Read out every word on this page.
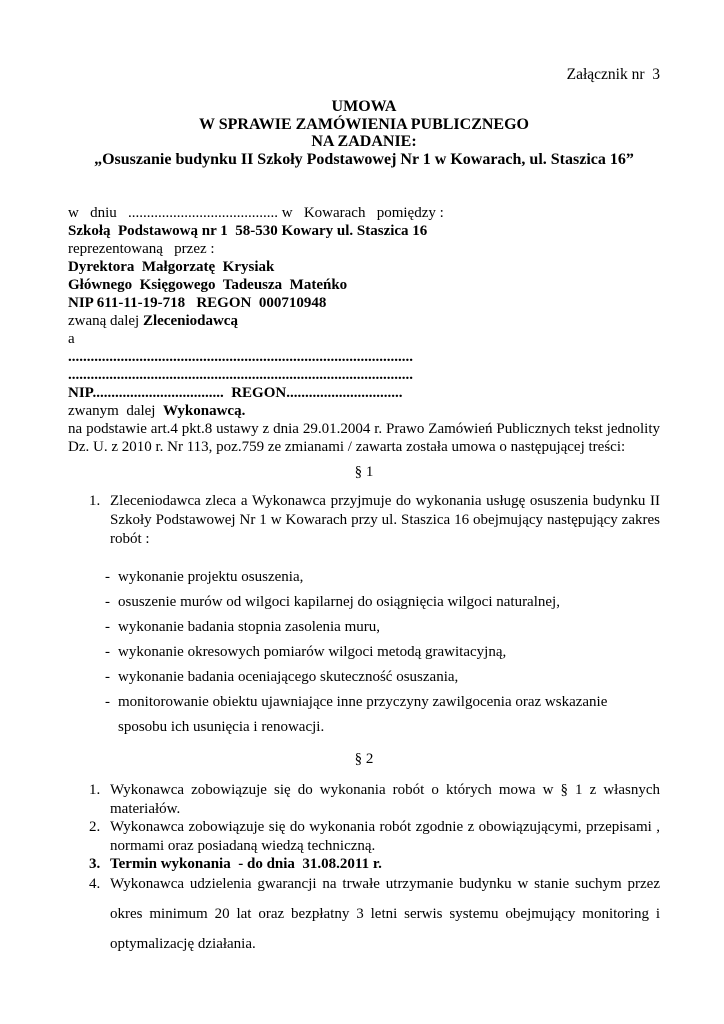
Załącznik nr  3
UMOWA
W SPRAWIE ZAMÓWIENIA PUBLICZNEGO
NA ZADANIE:
„Osuszanie budynku II Szkoły Podstawowej Nr 1 w Kowarach, ul. Staszica 16”
w   dniu   ........................................ w   Kowarach   pomiędzy :
Szkołą  Podstawową nr 1  58-530 Kowary ul. Staszica 16
reprezentowaną   przez :
Dyrektora  Małgorzatę  Krysiak
Głównego  Księgowego  Tadeusza  Mateńko
NIP 611-11-19-718   REGON  000710948
zwaną dalej Zleceniodawcą
a
............................................................................................
............................................................................................
NIP...................................  REGON...............................
zwanym  dalej  Wykonawcą.
na podstawie art.4 pkt.8 ustawy z dnia 29.01.2004 r. Prawo Zamówień Publicznych tekst jednolity Dz. U. z 2010 r. Nr 113, poz.759 ze zmianami / zawarta została umowa o następującej treści:
§ 1
1. Zleceniodawca zleca a Wykonawca przyjmuje do wykonania usługę osuszenia budynku II Szkoły Podstawowej Nr 1 w Kowarach przy ul. Staszica 16 obejmujący następujący zakres robót :
- wykonanie projektu osuszenia,
- osuszenie murów od wilgoci kapilarnej do osiągnięcia wilgoci naturalnej,
- wykonanie badania stopnia zasolenia muru,
- wykonanie okresowych pomiarów wilgoci metodą grawitacyjną,
- wykonanie badania oceniającego skuteczność osuszania,
- monitorowanie obiektu ujawniające inne przyczyny zawilgocenia oraz wskazanie sposobu ich usunięcia i renowacji.
§ 2
1. Wykonawca zobowiązuje się do wykonania robót o których mowa w § 1 z własnych materiałów.
2. Wykonawca zobowiązuje się do wykonania robót zgodnie z obowiązującymi, przepisami , normami oraz posiadaną wiedzą techniczną.
3. Termin wykonania  - do dnia  31.08.2011 r.
4. Wykonawca udzielenia gwarancji na trwałe utrzymanie budynku w stanie suchym przez okres minimum 20 lat oraz bezpłatny 3 letni serwis systemu obejmujący monitoring i optymalizację działania.
